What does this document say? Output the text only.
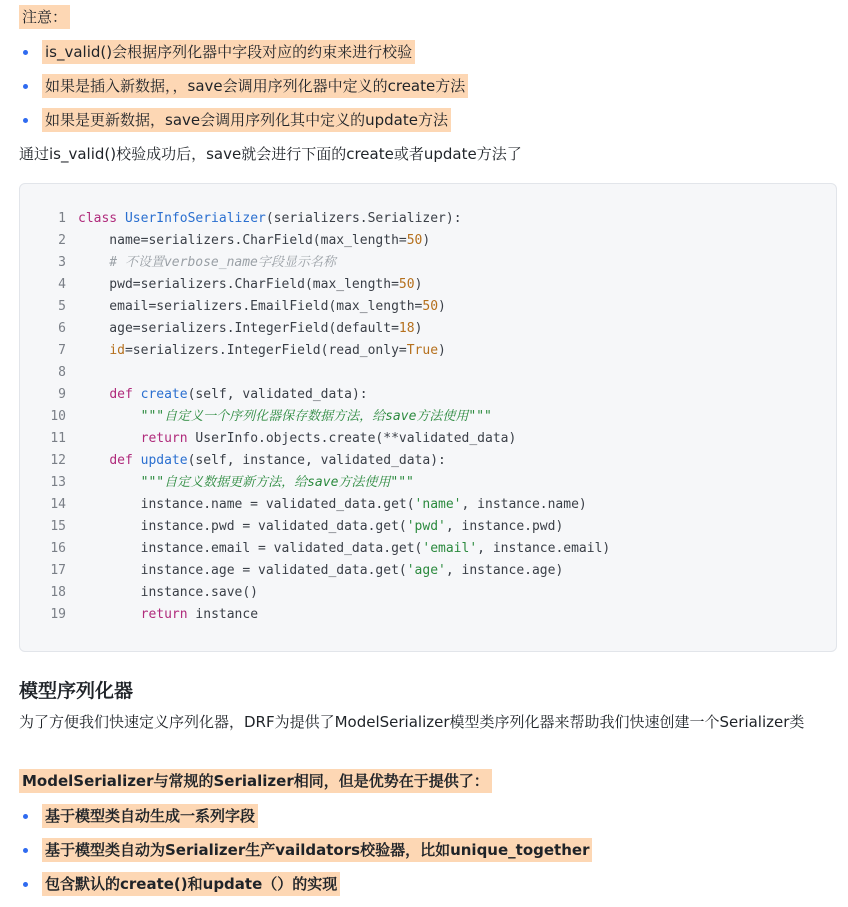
注意：
is_valid()会根据序列化器中字段对应的约束来进行校验
如果是插入新数据，，save会调用序列化器中定义的create方法
如果是更新数据，save会调用序列化其中定义的update方法
通过is_valid()校验成功后，save就会进行下面的create或者update方法了
1 class UserInfoSerializer (serializers.Serializer):
2 name=serializers.CharField(max_length= 50 )
3 # 不设置verbose_name字段显示名称
4 pwd=serializers.CharField(max_length= 50 )
5 email=serializers.EmailField(max_length= 50 )
6 age=serializers.IntegerField(default= 18 )
7
	id =serializers.IntegerField(read_only= True )
8
9
	def
create (self, validated_data):
10 """自定义一个序列化器保存数据方法，给save方法使用"""
11
	return UserInfo.objects.create(**validated_data)
12
	def
update (self, instance, validated_data):
13 """自定义数据更新方法，给save方法使用"""
14 instance.name = validated_data.get( 'name' , instance.name)
15 instance.pwd = validated_data.get( 'pwd' , instance.pwd)
16 instance.email = validated_data.get( 'email' , instance.email)
17 instance.age = validated_data.get( 'age' , instance.age)
18 instance.save()
19
	return instance
模型序列化器
为了方便我们快速定义序列化器，DRF为提供了ModelSerializer模型类序列化器来帮助我们快速创建一个Serializer类
ModelSerializer与常规的Serializer相同，但是优势在于提供了：
基于模型类自动生成一系列字段
基于模型类自动为Serializer生产vaildators校验器，比如unique_together
包含默认的create()和update（）的实现
